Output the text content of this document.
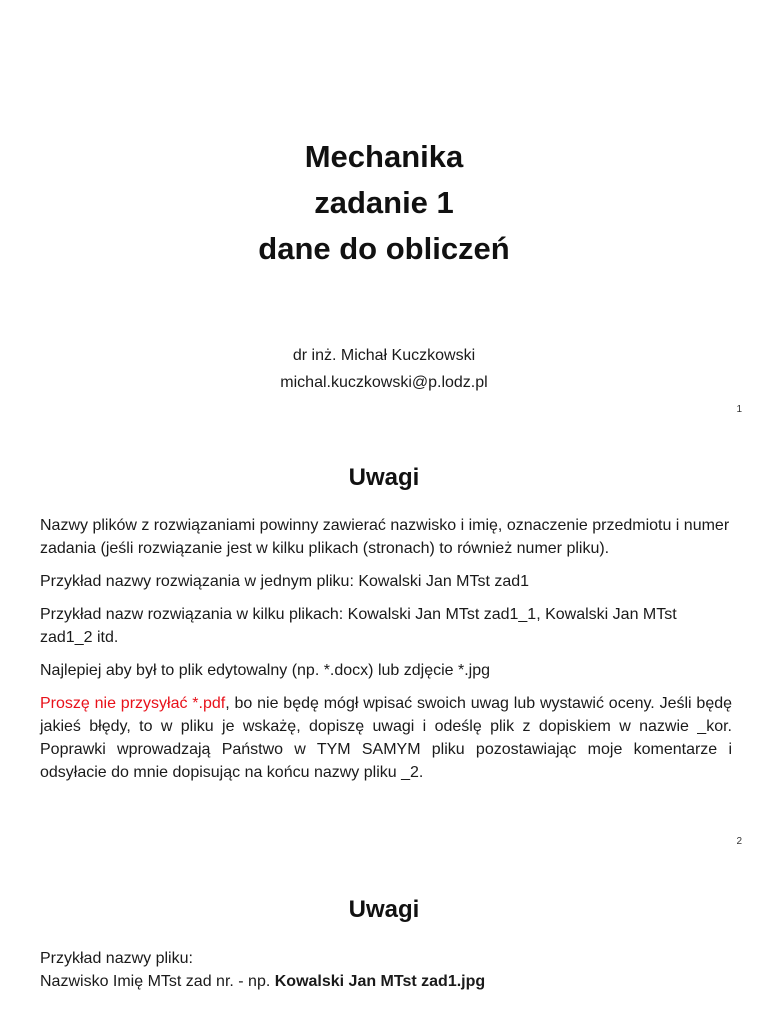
Mechanika
zadanie 1
dane do obliczeń
dr inż. Michał Kuczkowski
michal.kuczkowski@p.lodz.pl
1
Uwagi

Nazwy plików z rozwiązaniami powinny zawierać nazwisko i imię, oznaczenie przedmiotu i numer zadania (jeśli rozwiązanie jest w kilku plikach (stronach) to również numer pliku).

Przykład nazwy rozwiązania w jednym pliku: Kowalski Jan MTst zad1

Przykład nazw rozwiązania w kilku plikach: Kowalski Jan MTst zad1_1, Kowalski Jan MTst zad1_2 itd.

Najlepiej aby był to plik edytowalny (np. *.docx) lub zdjęcie *.jpg

Proszę nie przysyłać *.pdf, bo nie będę mógł wpisać swoich uwag lub wystawić oceny. Jeśli będę jakieś błędy, to w pliku je wskażę, dopiszę uwagi i odeślę plik z dopiskiem w nazwie _kor. Poprawki wprowadzają Państwo w TYM SAMYM pliku pozostawiając moje komentarze i odsyłacie do mnie dopisując na końcu nazwy pliku _2.

2
Uwagi
Przykład nazwy pliku:
Nazwisko Imię MTst zad nr. - np. Kowalski Jan MTst zad1.jpg
